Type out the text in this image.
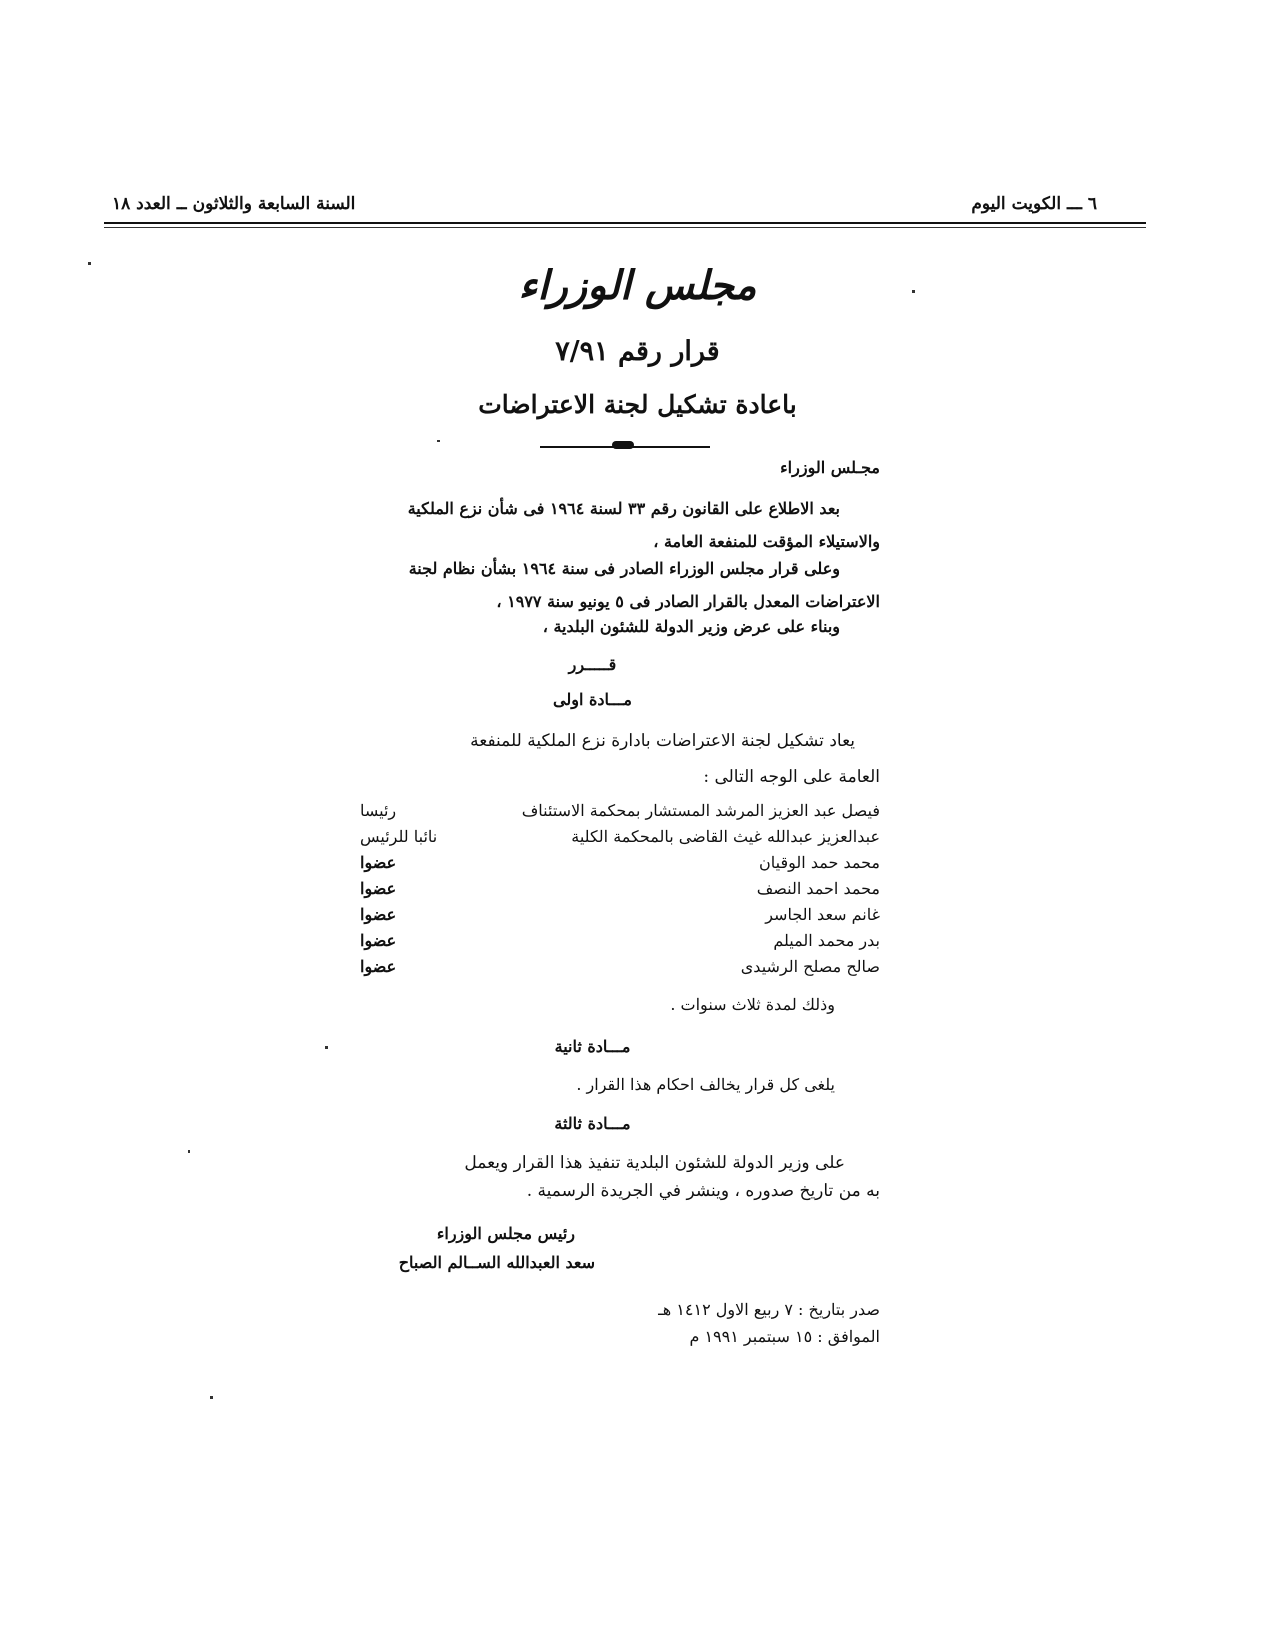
٦ ـــ الكويت اليوم
السنة السابعة والثلاثون ــ العدد ١٨
مجلس الوزراء
قرار رقم ٧/٩١
باعادة تشكيل لجنة الاعتراضات
مجـلس الوزراء
بعد الاطلاع على القانون رقم ٣٣ لسنة ١٩٦٤ فى شأن نزع الملكية والاستيلاء المؤقت للمنفعة العامة ،
وعلى قرار مجلس الوزراء الصادر فى سنة ١٩٦٤ بشأن نظام لجنة الاعتراضات المعدل بالقرار الصادر فى ٥ يونيو سنة ١٩٧٧ ،
وبناء على عرض وزير الدولة للشئون البلدية ،
قـــــرر
مـــادة اولى
يعاد تشكيل لجنة الاعتراضات بادارة نزع الملكية للمنفعة
العامة على الوجه التالى :
فيصل عبد العزيز المرشد المستشار بمحكمة الاستئناف
رئيسا
عبدالعزيز عبدالله غيث القاضى بالمحكمة الكلية
نائبا للرئيس
محمد حمد الوقيان
عضوا
محمد احمد النصف
عضوا
غانم سعد الجاسر
عضوا
بدر محمد الميلم
عضوا
صالح مصلح الرشيدى
عضوا
وذلك لمدة ثلاث سنوات .
مـــادة ثانية
يلغى كل قرار يخالف احكام هذا القرار .
مـــادة ثالثة
على وزير الدولة للشئون البلدية تنفيذ هذا القرار ويعمل
به من تاريخ صدوره ، وينشر في الجريدة الرسمية .
رئيس مجلس الوزراء
سعد العبدالله الســالم الصباح
صدر بتاريخ : ٧ ربيع الاول ١٤١٢ هـ
الموافق : ١٥ سبتمبر ١٩٩١ م
